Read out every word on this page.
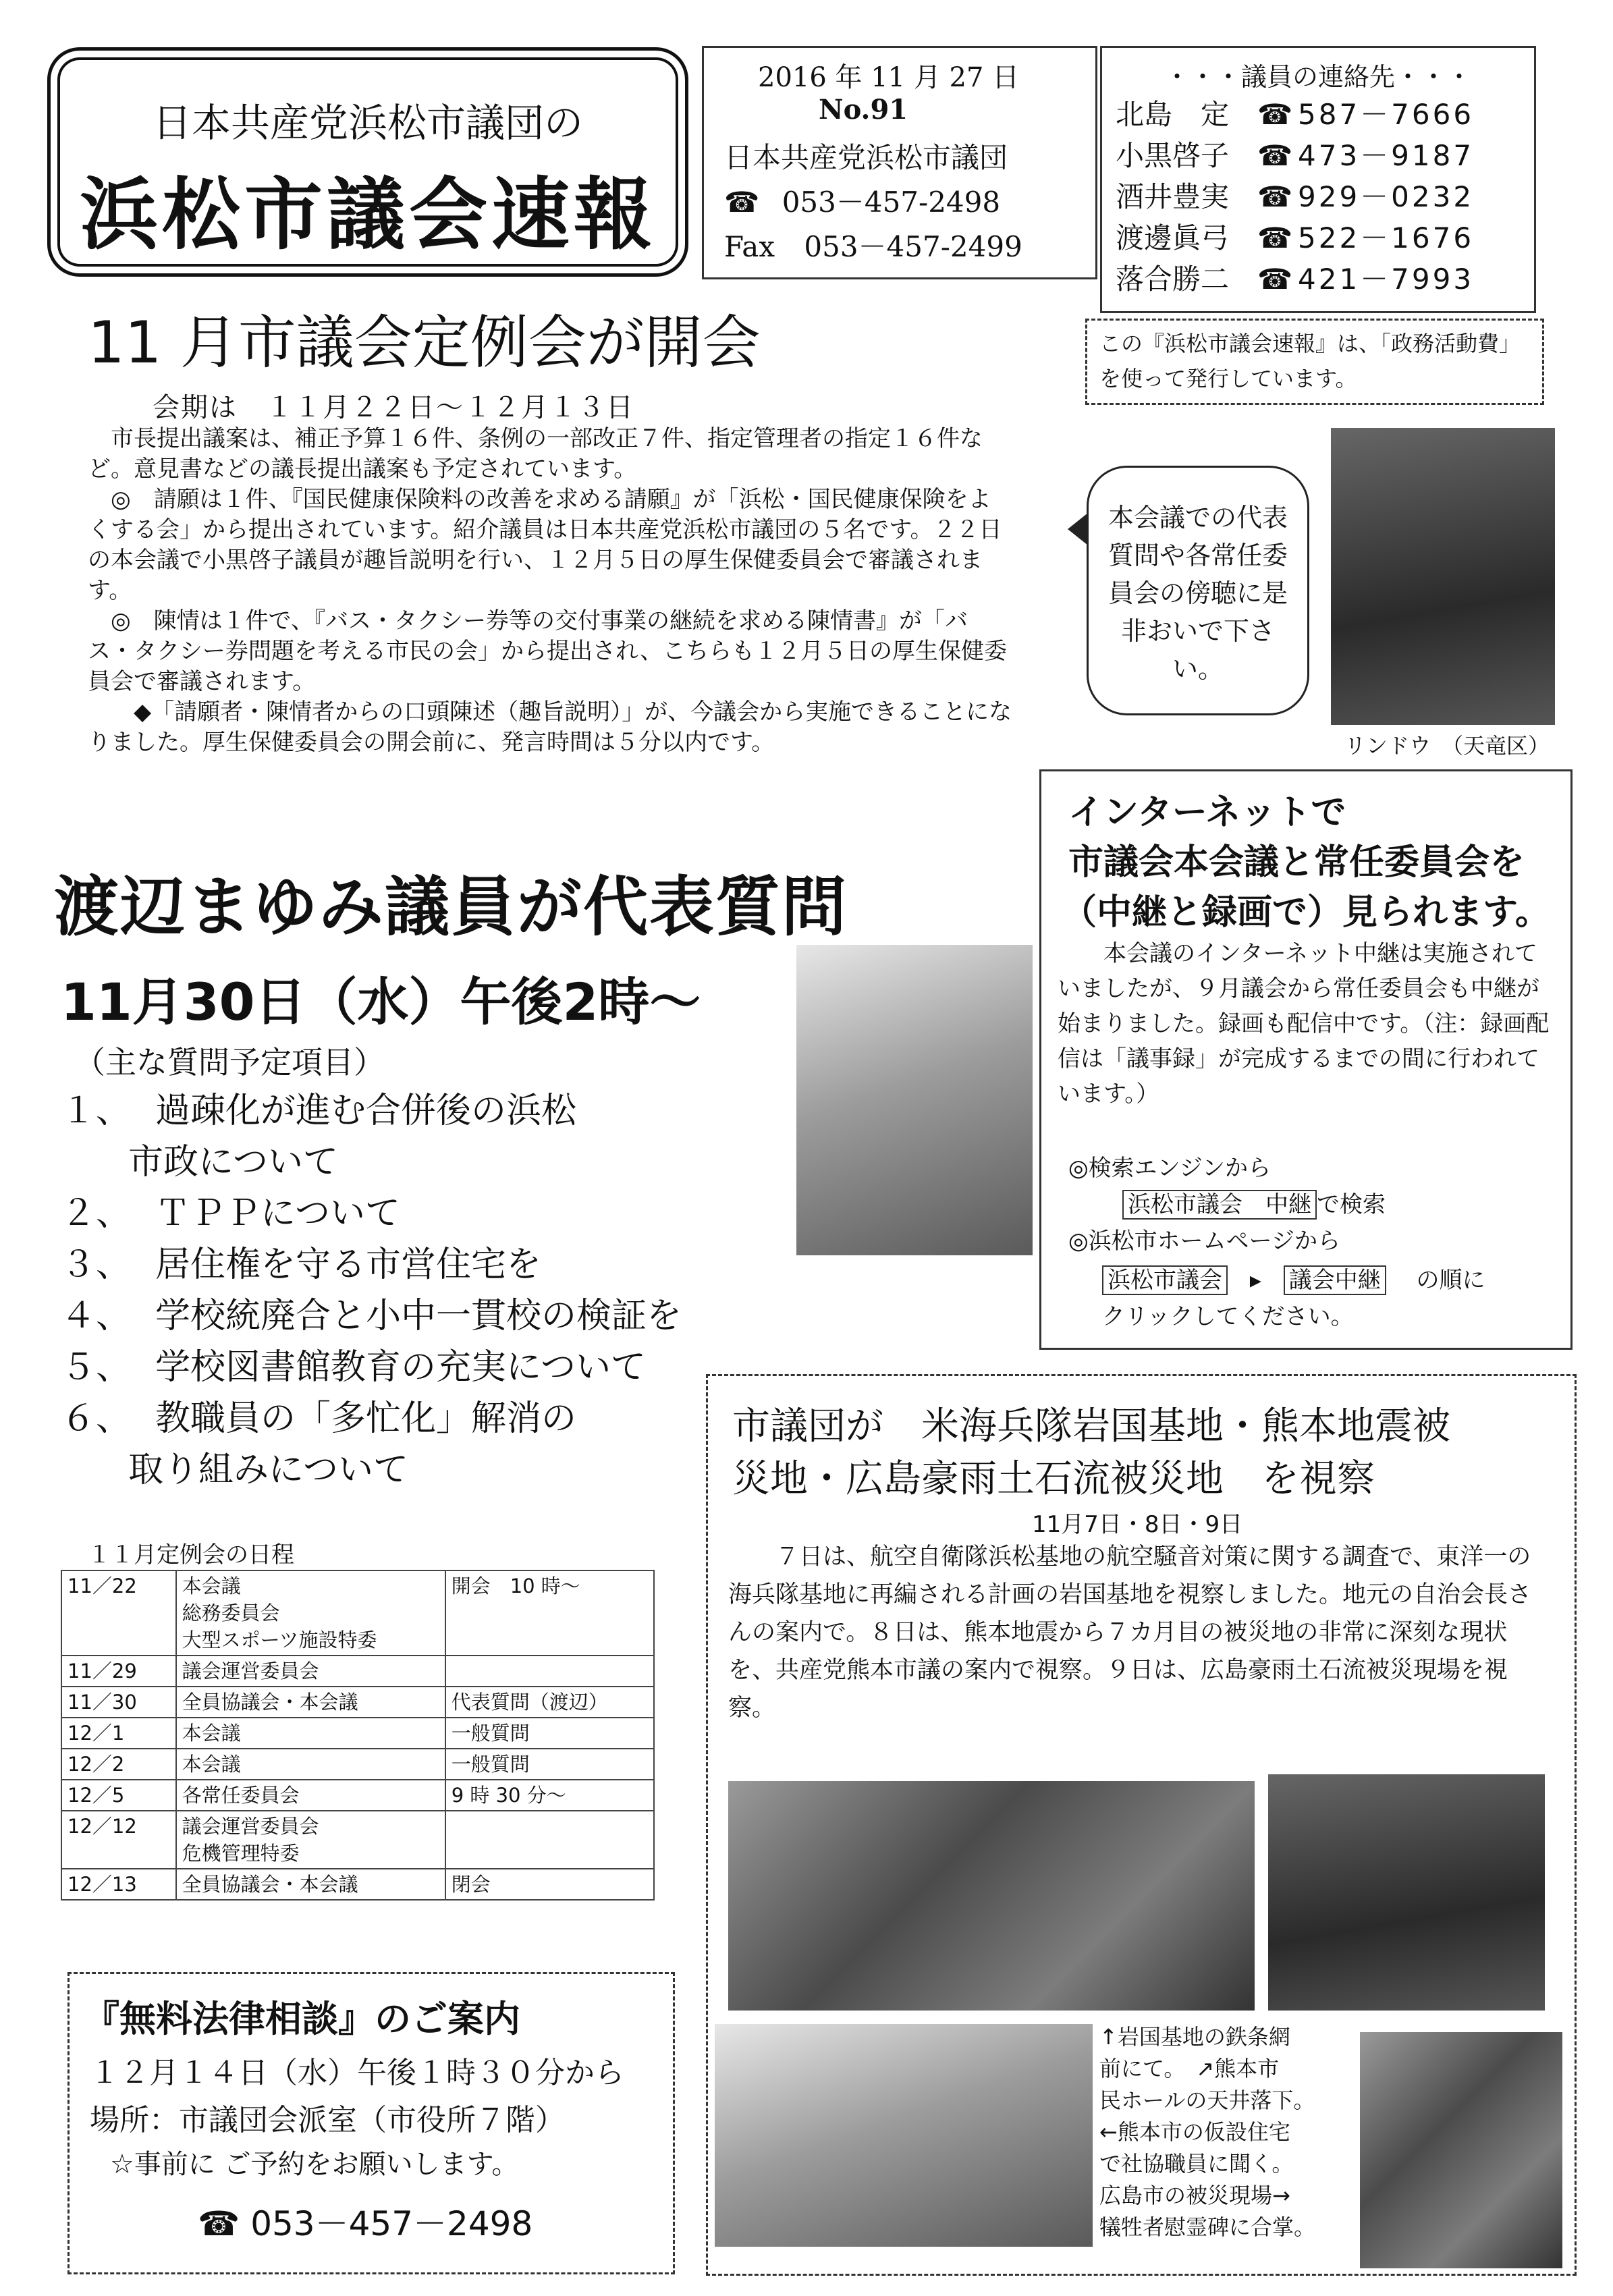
日本共産党浜松市議団の
浜松市議会速報
2016 年 11 月 27 日
No.91
日本共産党浜松市議団
☎ 053－457-2498
Fax 053－457-2499
・・・議員の連絡先・・・
北島　定 ☎ 587－7666
小黒啓子 ☎ 473－9187
酒井豊実 ☎ 929－0232
渡邊眞弓 ☎ 522－1676
落合勝二 ☎ 421－7993
この『浜松市議会速報』は、「政務活動費」を使って発行しています。
11 月市議会定例会が開会
会期は　１１月２２日～１２月１３日
市長提出議案は、補正予算１６件、条例の一部改正７件、指定管理者の指定１６件など。意見書などの議長提出議案も予定されています。
◎　請願は１件、『国民健康保険料の改善を求める請願』が「浜松・国民健康保険をよくする会」から提出されています。紹介議員は日本共産党浜松市議団の５名です。２２日の本会議で小黒啓子議員が趣旨説明を行い、１２月５日の厚生保健委員会で審議されます。
◎　陳情は１件で、『バス・タクシー券等の交付事業の継続を求める陳情書』が「バス・タクシー券問題を考える市民の会」から提出され、こちらも１２月５日の厚生保健委員会で審議されます。
◆「請願者・陳情者からの口頭陳述（趣旨説明）」が、今議会から実施できることになりました。厚生保健委員会の開会前に、発言時間は５分以内です。
本会議での代表質問や各常任委員会の傍聴に是非おいで下さい。
リンドウ　（天竜区）
インターネットで
市議会本会議と常任委員会を
（中継と録画で）見られます。
本会議のインターネット中継は実施されていましたが、９月議会から常任委員会も中継が始まりました。録画も配信中です。（注：録画配信は「議事録」が完成するまでの間に行われています。）
◎検索エンジンから
浜松市議会　中継 で検索
◎浜松市ホームページから
浜松市議会 ▸ 議会中継 の順に
クリックしてください。
渡辺まゆみ議員が代表質問
11月30日（水）午後2時～
（主な質問予定項目）
１、 過疎化が進む合併後の浜松
市政について
２、 ＴＰＰについて
３、 居住権を守る市営住宅を
４、 学校統廃合と小中一貫校の検証を
５、 学校図書館教育の充実について
６、 教職員の「多忙化」解消の
取り組みについて
１１月定例会の日程
11／22	本会議
総務委員会
大型スポーツ施設特委	開会　10 時～
11／29	議会運営委員会	

11／30	全員協議会・本会議	代表質問（渡辺）
12／1	本会議	一般質問
12／2	本会議	一般質問
12／5	各常任委員会	9 時 30 分～
12／12	議会運営委員会
危機管理特委	

12／13	全員協議会・本会議	閉会
『無料法律相談』のご案内
１２月１４日（水）午後１時３０分から
場所：市議団会派室（市役所７階）
☆事前に ご予約をお願いします。
☎ 053－457－2498
市議団が　米海兵隊岩国基地・熊本地震被
災地・広島豪雨土石流被災地　を視察
11月7日・8日・9日
７日は、航空自衛隊浜松基地の航空騒音対策に関する調査で、東洋一の海兵隊基地に再編される計画の岩国基地を視察しました。地元の自治会長さんの案内で。８日は、熊本地震から７カ月目の被災地の非常に深刻な現状を、共産党熊本市議の案内で視察。９日は、広島豪雨土石流被災現場を視察。
↑岩国基地の鉄条網
前にて。　↗熊本市
民ホールの天井落下。
←熊本市の仮設住宅
で社協職員に聞く。
広島市の被災現場→
犠牲者慰霊碑に合掌。
